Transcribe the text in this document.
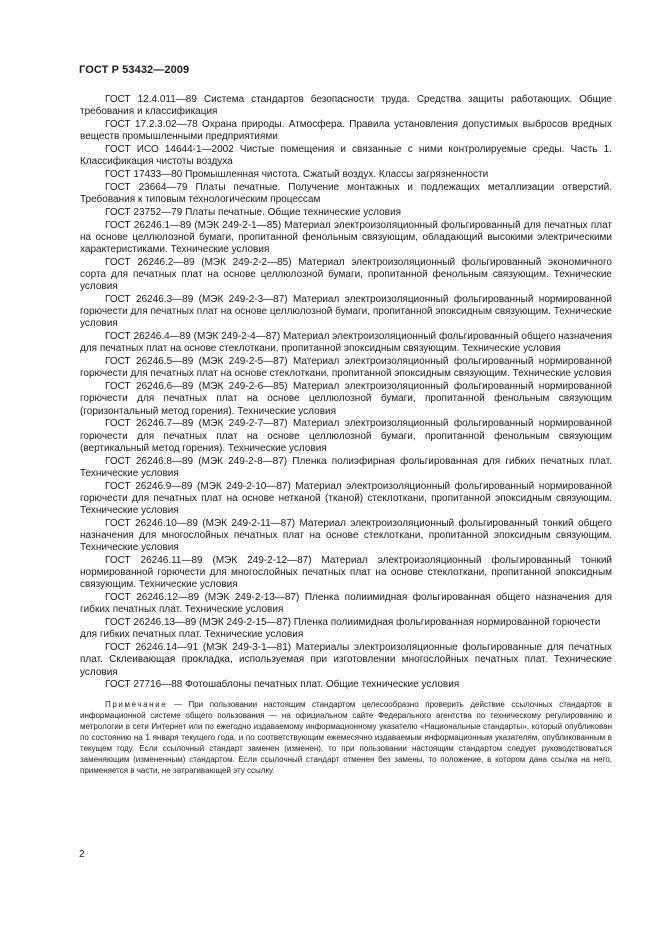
ГОСТ Р 53432—2009

ГОСТ 12.4.011—89 Система стандартов безопасности труда. Средства защиты работающих. Общие требования и классификация

ГОСТ 17.2.3.02—78 Охрана природы. Атмосфера. Правила установления допустимых выбросов вредных веществ промышленными предприятиями

ГОСТ ИСО 14644-1—2002 Чистые помещения и связанные с ними контролируемые среды. Часть 1. Классификация чистоты воздуха

ГОСТ 17433—80 Промышленная чистота. Сжатый воздух. Классы загрязненности

ГОСТ 23664—79 Платы печатные. Получение монтажных и подлежащих металлизации отверстий. Требования к типовым технологическим процессам

ГОСТ 23752—79 Платы печатные. Общие технические условия

ГОСТ 26246.1—89 (МЭК 249-2-1—85) Материал электроизоляционный фольгированный для печатных плат на основе целлюлозной бумаги, пропитанной фенольным связующим, обладающий высокими электрическими характеристиками. Технические условия

ГОСТ 26246.2—89 (МЭК 249-2-2—85) Материал электроизоляционный фольгированный экономичного сорта для печатных плат на основе целлюлозной бумаги, пропитанной фенольным связующим. Технические условия

ГОСТ 26246.3—89 (МЭК 249-2-3—87) Материал электроизоляционный фольгированный нормированной горючести для печатных плат на основе целлюлозной бумаги, пропитанной эпоксидным связующим. Технические условия

ГОСТ 26246.4—89 (МЭК 249-2-4—87) Материал электроизоляционный фольгированный общего назначения для печатных плат на основе стеклоткани, пропитанной эпоксидным связующим. Технические условия

ГОСТ 26246.5—89 (МЭК 249-2-5—87) Материал электроизоляционный фольгированный нормированной горючести для печатных плат на основе стеклоткани, пропитанной эпоксидным связующим. Технические условия

ГОСТ 26246.6—89 (МЭК 249-2-6—85) Материал электроизоляционный фольгированный нормированной горючести для печатных плат на основе целлюлозной бумаги, пропитанной фенольным связующим (горизонтальный метод горения). Технические условия

ГОСТ 26246.7—89 (МЭК 249-2-7—87) Материал электроизоляционный фольгированный нормированной горючести для печатных плат на основе целлюлозной бумаги, пропитанной фенольным связующим (вертикальный метод горения). Технические условия

ГОСТ 26246.8—89 (МЭК 249-2-8—87) Пленка полиэфирная фольгированная для гибких печатных плат. Технические условия

ГОСТ 26246.9—89 (МЭК 249-2-10—87) Материал электроизоляционный фольгированный нормированной горючести для печатных плат на основе нетканой (тканой) стеклоткани, пропитанной эпоксидным связующим. Технические условия

ГОСТ 26246.10—89 (МЭК 249-2-11—87) Материал электроизоляционный фольгированный тонкий общего назначения для многослойных печатных плат на основе стеклоткани, пропитанной эпоксидным связующим. Технические условия

ГОСТ 26246.11—89 (МЭК 249-2-12—87) Материал электроизоляционный фольгированный тонкий нормированной горючести для многослойных печатных плат на основе стеклоткани, пропитанной эпоксидным связующим. Технические условия

ГОСТ 26246.12—89 (МЭК 249-2-13—87) Пленка полиимидная фольгированная общего назначения для гибких печатных плат. Технические условия

ГОСТ 26246.13—89 (МЭК 249-2-15—87) Пленка полиимидная фольгированная нормированной горючести для гибких печатных плат. Технические условия

ГОСТ 26246.14—91 (МЭК 249-3-1—81) Материалы электроизоляционные фольгированные для печатных плат. Склеивающая прокладка, используемая при изготовлении многослойных печатных плат. Технические условия

ГОСТ 27716—88 Фотошаблоны печатных плат. Общие технические условия

Примечание — При пользовании настоящим стандартом целесообразно проверить действие ссылочных стандартов в информационной системе общего пользования — на официальном сайте Федерального агентства по техническому регулированию и метрологии в сети Интернет или по ежегодно издаваемому информационному указателю «Национальные стандарты», который опубликован по состоянию на 1 января текущего года, и по соответствующим ежемесячно издаваемым информационным указателям, опубликованным в текущем году. Если ссылочный стандарт заменен (изменен), то при пользовании настоящим стандартом следует руководствоваться заменяющим (измененным) стандартом. Если ссылочный стандарт отменен без замены, то положение, в котором дана ссылка на него, применяется в части, не затрагивающей эту ссылку.

2
